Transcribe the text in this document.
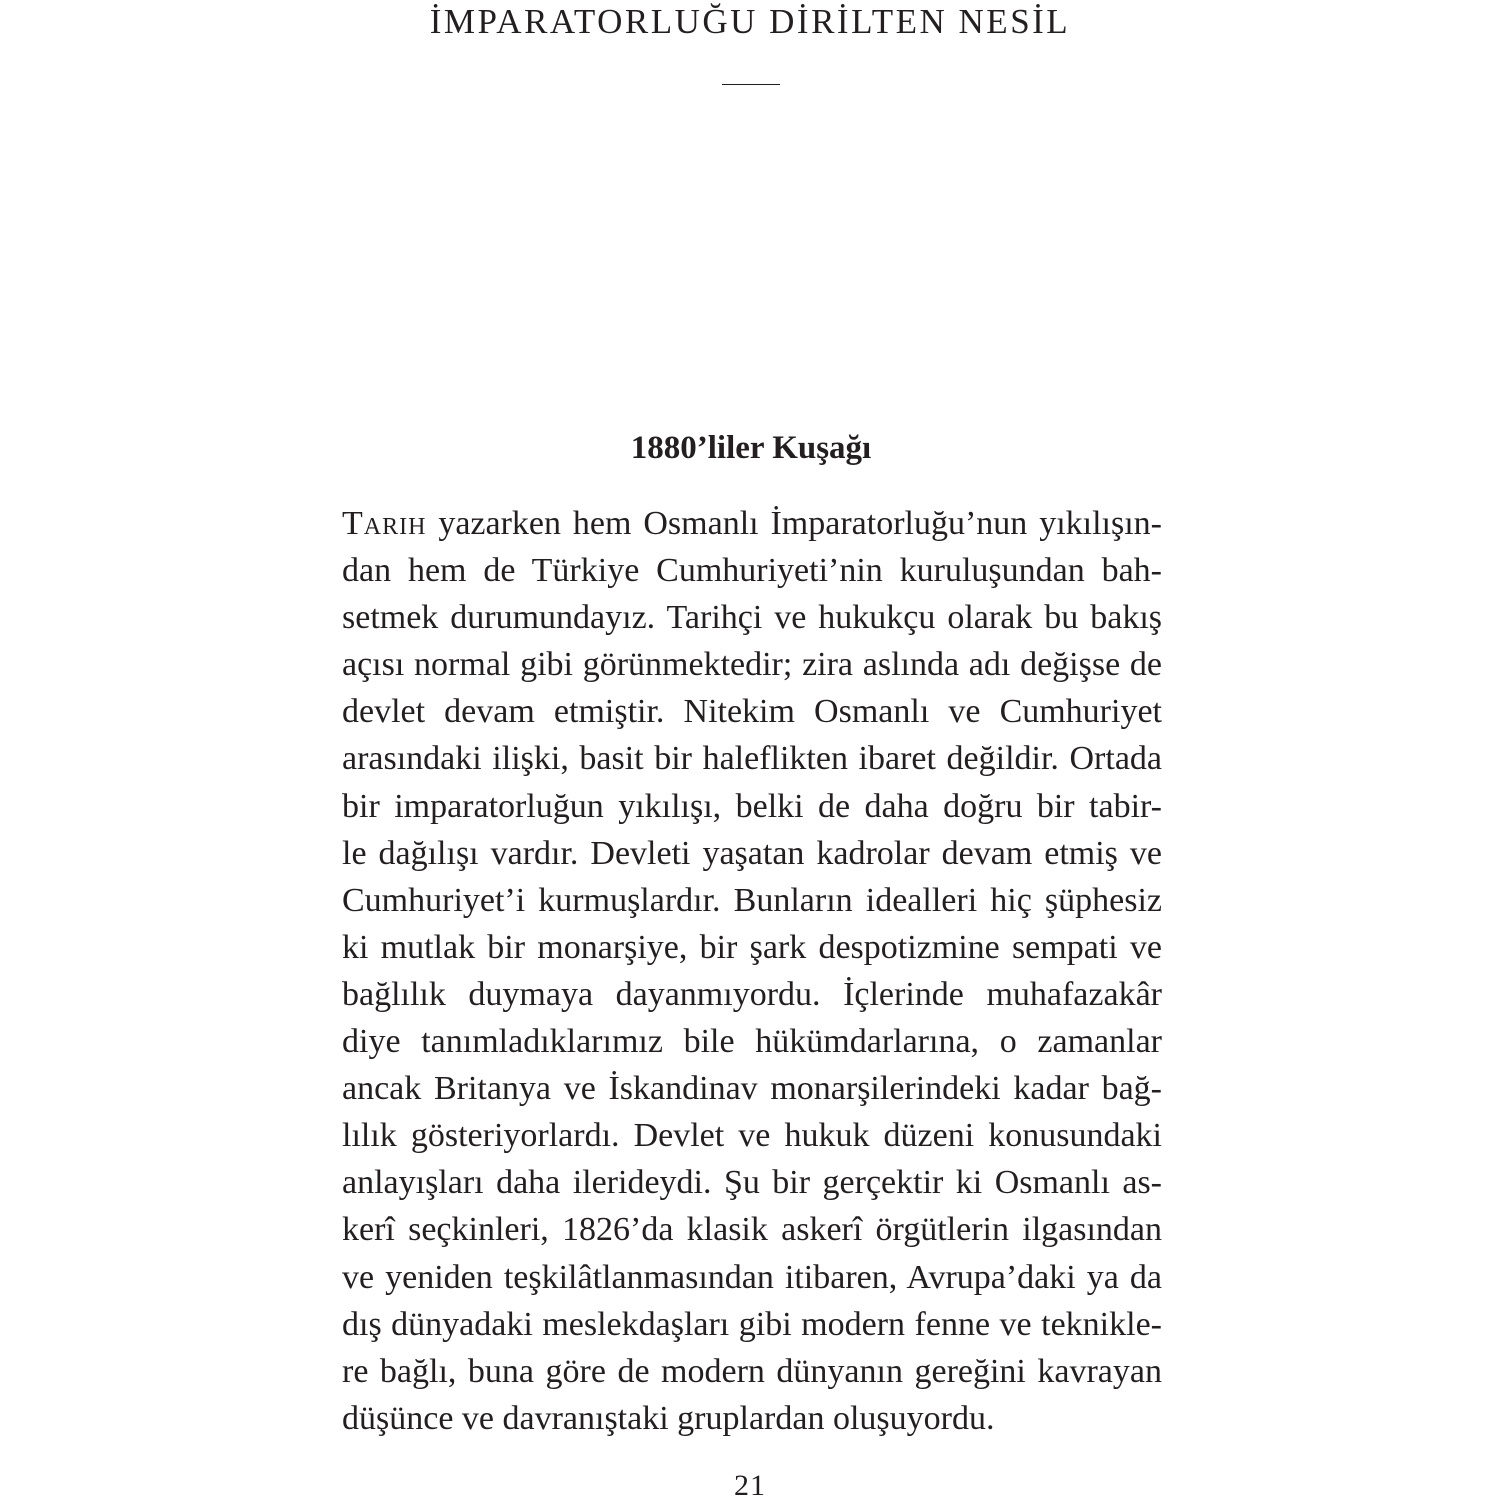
İMPARATORLUĞU DİRİLTEN NESİL
1880’liler Kuşağı
Tarih yazarken hem Osmanlı İmparatorluğu’nun yıkılışın-
dan hem de Türkiye Cumhuriyeti’nin kuruluşundan bah-
setmek durumundayız. Tarihçi ve hukukçu olarak bu bakış
açısı normal gibi görünmektedir; zira aslında adı değişse de
devlet devam etmiştir. Nitekim Osmanlı ve Cumhuriyet
arasındaki ilişki, basit bir haleflikten ibaret değildir. Ortada
bir imparatorluğun yıkılışı, belki de daha doğru bir tabir-
le dağılışı vardır. Devleti yaşatan kadrolar devam etmiş ve
Cumhuriyet’i kurmuşlardır. Bunların idealleri hiç şüphesiz
ki mutlak bir monarşiye, bir şark despotizmine sempati ve
bağlılık duymaya dayanmıyordu. İçlerinde muhafazakâr
diye tanımladıklarımız bile hükümdarlarına, o zamanlar
ancak Britanya ve İskandinav monarşilerindeki kadar bağ-
lılık gösteriyorlardı. Devlet ve hukuk düzeni konusundaki
anlayışları daha ilerideydi. Şu bir gerçektir ki Osmanlı as-
kerî seçkinleri, 1826’da klasik askerî örgütlerin ilgasından
ve yeniden teşkilâtlanmasından itibaren, Avrupa’daki ya da
dış dünyadaki meslekdaşları gibi modern fenne ve teknikle-
re bağlı, buna göre de modern dünyanın gereğini kavrayan
düşünce ve davranıştaki gruplardan oluşuyordu.
21
